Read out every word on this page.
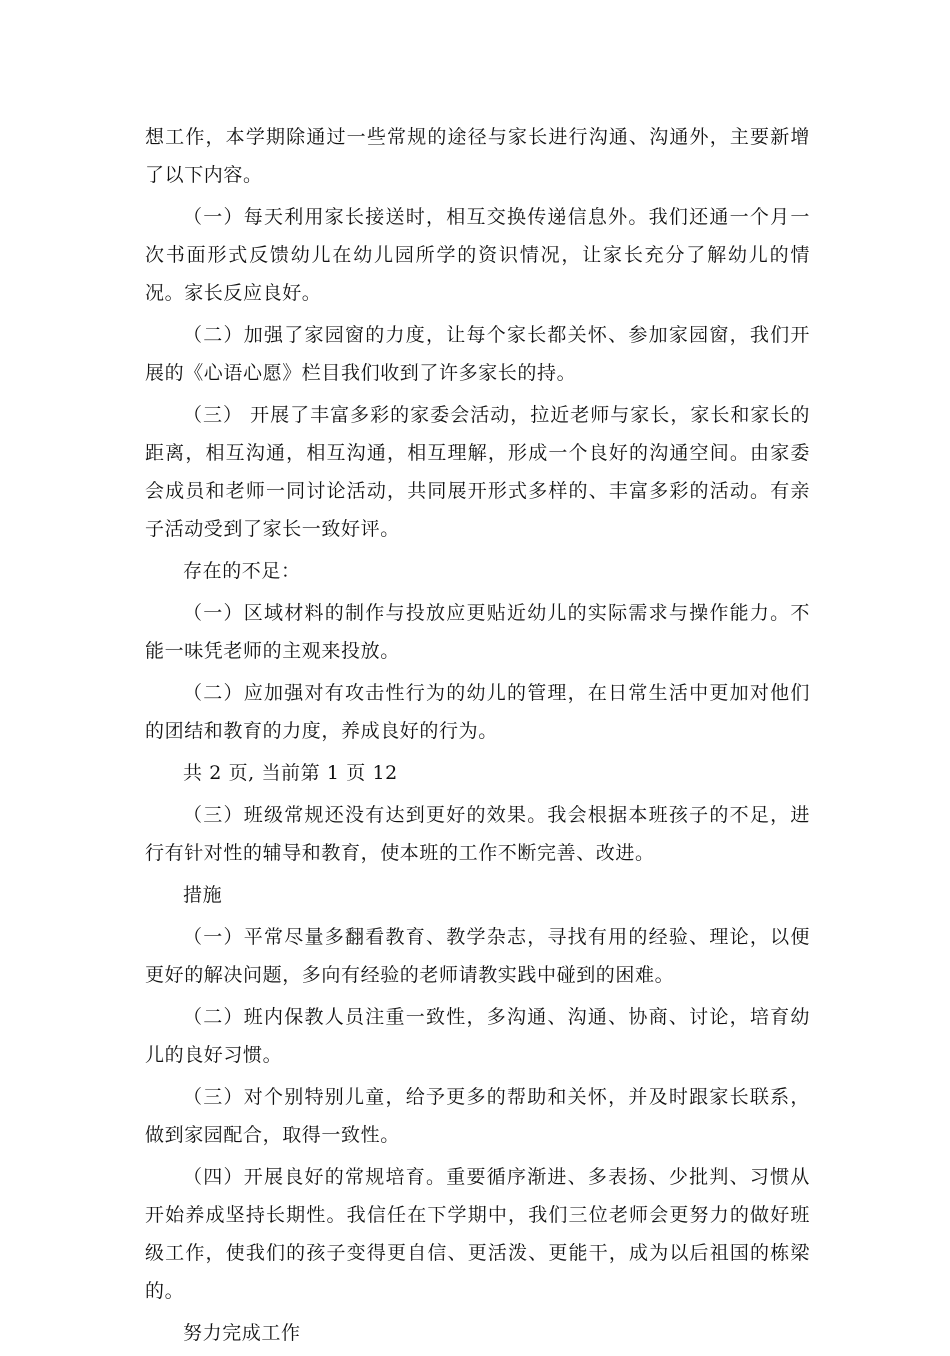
想工作，本学期除通过一些常规的途径与家长进行沟通、沟通外，主要新增了以下内容。

（一）每天利用家长接送时，相互交换传递信息外。我们还通一个月一次书面形式反馈幼儿在幼儿园所学的资识情况，让家长充分了解幼儿的情况。家长反应良好。

（二）加强了家园窗的力度，让每个家长都关怀、参加家园窗，我们开展的《心语心愿》栏目我们收到了许多家长的持。

（三） 开展了丰富多彩的家委会活动，拉近老师与家长，家长和家长的距离，相互沟通，相互沟通，相互理解，形成一个良好的沟通空间。由家委会成员和老师一同讨论活动，共同展开形式多样的、丰富多彩的活动。有亲子活动受到了家长一致好评。

存在的不足：

（一）区域材料的制作与投放应更贴近幼儿的实际需求与操作能力。不能一味凭老师的主观来投放。

（二）应加强对有攻击性行为的幼儿的管理，在日常生活中更加对他们的团结和教育的力度，养成良好的行为。

共 2 页, 当前第 1 页 12

（三）班级常规还没有达到更好的效果。我会根据本班孩子的不足，进行有针对性的辅导和教育，使本班的工作不断完善、改进。

措施

（一）平常尽量多翻看教育、教学杂志，寻找有用的经验、理论，以便更好的解决问题，多向有经验的老师请教实践中碰到的困难。

（二）班内保教人员注重一致性，多沟通、沟通、协商、讨论，培育幼儿的良好习惯。

（三）对个别特别儿童，给予更多的帮助和关怀，并及时跟家长联系，做到家园配合，取得一致性。

（四）开展良好的常规培育。重要循序渐进、多表扬、少批判、习惯从开始养成坚持长期性。我信任在下学期中，我们三位老师会更努力的做好班级工作，使我们的孩子变得更自信、更活泼、更能干，成为以后祖国的栋梁的。

努力完成工作
